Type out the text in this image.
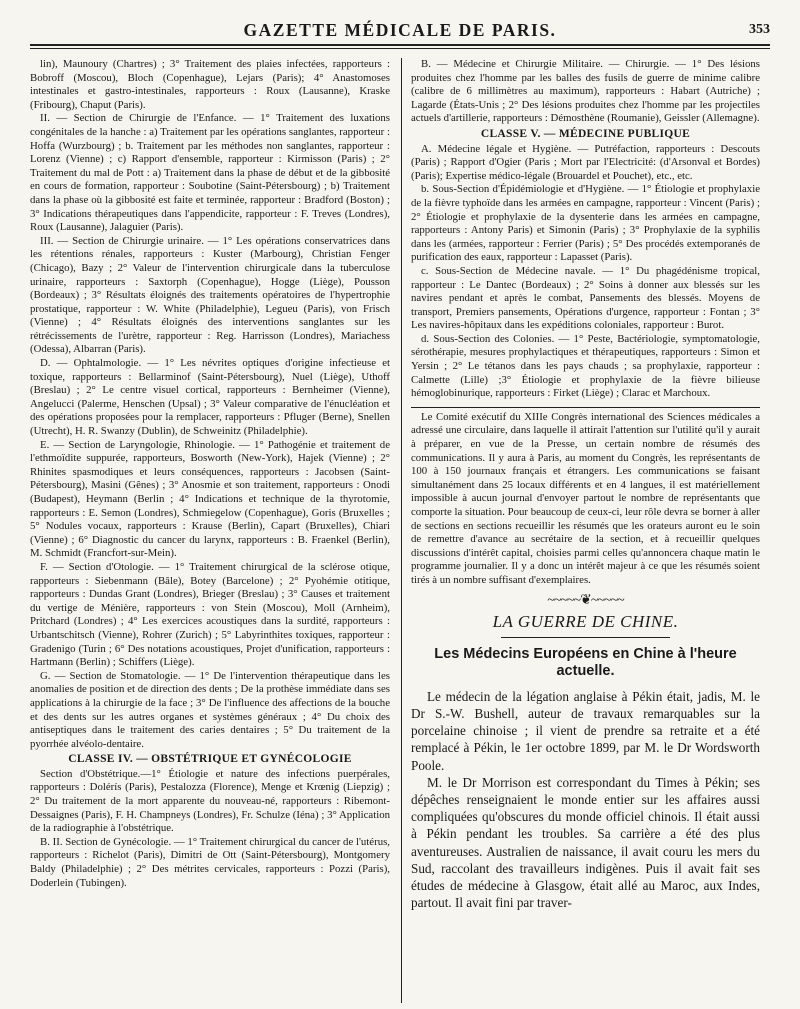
GAZETTE MÉDICALE DE PARIS.	353

lin), Maunoury (Chartres) ; 3° Traitement des plaies infectées, rapporteurs : Bobroff (Moscou), Bloch (Copenhague), Lejars (Paris); 4° Anastomoses intestinales et gastro-intestinales, rapporteurs : Roux (Lausanne), Kraske (Fribourg), Chaput (Paris).

II. — Section de Chirurgie de l'Enfance. — 1° Traitement des luxations congénitales de la hanche : a) Traitement par les opérations sanglantes, rapporteur : Hoffa (Wurzbourg) ; b. Traitement par les méthodes non sanglantes, rapporteur : Lorenz (Vienne) ; c) Rapport d'ensemble, rapporteur : Kirmisson (Paris) ; 2° Traitement du mal de Pott : a) Traitement dans la phase de début et de la gibbosité en cours de formation, rapporteur : Soubotine (Saint-Pétersbourg) ; b) Traitement dans la phase où la gibbosité est faite et terminée, rapporteur : Bradford (Boston) ; 3° Indications thérapeutiques dans l'appendicite, rapporteur : F. Treves (Londres), Roux (Lausanne), Jalaguier (Paris).

III. — Section de Chirurgie urinaire. — 1° Les opérations conservatrices dans les rétentions rénales, rapporteurs : Kuster (Marbourg), Christian Fenger (Chicago), Bazy ; 2° Valeur de l'intervention chirurgicale dans la tuberculose urinaire, rapporteurs : Saxtorph (Copenhague), Hogge (Liège), Pousson (Bordeaux) ; 3° Résultats éloignés des traitements opératoires de l'hypertrophie prostatique, rapporteur : W. White (Philadelphie), Legueu (Paris), von Frisch (Vienne) ; 4° Résultats éloignés des interventions sanglantes sur les rétrécissements de l'urètre, rapporteur : Reg. Harrisson (Londres), Mariachess (Odessa), Albarran (Paris).

D. — Ophtalmologie. — 1° Les névrites optiques d'origine infectieuse et toxique, rapporteurs : Bellarminof (Saint-Pétersbourg), Nuel (Liège), Uthoff (Breslau) ; 2° Le centre visuel cortical, rapporteurs : Bernheimer (Vienne), Angelucci (Palerme, Henschen (Upsal) ; 3° Valeur comparative de l'énucléation et des opérations proposées pour la remplacer, rapporteurs : Pfluger (Berne), Snellen (Utrecht), H. R. Swanzy (Dublin), de Schweinitz (Philadelphie).

E. — Section de Laryngologie, Rhinologie. — 1° Pathogénie et traitement de l'ethmoïdite suppurée, rapporteurs, Bosworth (New-York), Hajek (Vienne) ; 2° Rhinites spasmodiques et leurs conséquences, rapporteurs : Jacobsen (Saint-Pétersbourg), Masini (Gênes) ; 3° Anosmie et son traitement, rapporteurs : Onodi (Budapest), Heymann (Berlin ; 4° Indications et technique de la thyrotomie, rapporteurs : E. Semon (Londres), Schmiegelow (Copenhague), Goris (Bruxelles ; 5° Nodules vocaux, rapporteurs : Krause (Berlin), Capart (Bruxelles), Chiari (Vienne) ; 6° Diagnostic du cancer du larynx, rapporteurs : B. Fraenkel (Berlin), M. Schmidt (Francfort-sur-Mein).

F. — Section d'Otologie. — 1° Traitement chirurgical de la sclérose otique, rapporteurs : Siebenmann (Bâle), Botey (Barcelone) ; 2° Pyohémie otitique, rapporteurs : Dundas Grant (Londres), Brieger (Breslau) ; 3° Causes et traitement du vertige de Ménière, rapporteurs : von Stein (Moscou), Moll (Arnheim), Pritchard (Londres) ; 4° Les exercices acoustiques dans la surdité, rapporteurs : Urbantschitsch (Vienne), Rohrer (Zurich) ; 5° Labyrinthites toxiques, rapporteur : Gradenigo (Turin ; 6° Des notations acoustiques, Projet d'unification, rapporteurs : Hartmann (Berlin) ; Schiffers (Liège).

G. — Section de Stomatologie. — 1° De l'intervention thérapeutique dans les anomalies de position et de direction des dents ; De la prothèse immédiate dans ses applications à la chirurgie de la face ; 3° De l'influence des affections de la bouche et des dents sur les autres organes et systèmes généraux ; 4° Du choix des antiseptiques dans le traitement des caries dentaires ; 5° Du traitement de la pyorrhée alvéolo-dentaire.

CLASSE IV. — OBSTÉTRIQUE ET GYNÉCOLOGIE

Section d'Obstétrique.—1° Étiologie et nature des infections puerpérales, rapporteurs : Dolérís (Paris), Pestalozza (Florence), Menge et Krœnig (Liepzig) ; 2° Du traitement de la mort apparente du nouveau-né, rapporteurs : Ribemont-Dessaignes (Paris), F. H. Champneys (Londres), Fr. Schulze (Iéna) ; 3° Application de la radiographie à l'obstétrique.

B. II. Section de Gynécologie. — 1° Traitement chirurgical du cancer de l'utérus, rapporteurs : Richelot (Paris), Dimitri de Ott (Saint-Pétersbourg), Montgomery Baldy (Philadelphie) ; 2° Des métrites cervicales, rapporteurs : Pozzi (Paris), Doderlein (Tubingen).

B. — Médecine et Chirurgie Militaire. — Chirurgie. — 1° Des lésions produites chez l'homme par les balles des fusils de guerre de minime calibre (calibre de 6 millimètres au maximum), rapporteurs : Habart (Autriche) ; Lagarde (États-Unis ; 2° Des lésions produites chez l'homme par les projectiles actuels d'artillerie, rapporteurs : Démosthène (Roumanie), Geissler (Allemagne).

CLASSE V. — MÉDECINE PUBLIQUE

A. Médecine légale et Hygiène. — Putréfaction, rapporteurs : Descouts (Paris) ; Rapport d'Ogier (Paris ; Mort par l'Electricité: (d'Arsonval et Bordes) (Paris); Expertise médico-légale (Brouardel et Pouchet), etc., etc.

b. Sous-Section d'Épidémiologie et d'Hygiène. — 1° Étiologie et prophylaxie de la fièvre typhoïde dans les armées en campagne, rapporteur : Vincent (Paris) ; 2° Étiologie et prophylaxie de la dysenterie dans les armées en campagne, rapporteurs : Antony Paris) et Simonin (Paris) ; 3° Prophylaxie de la syphilis dans les (armées, rapporteur : Ferrier (Paris) ; 5° Des procédés extemporanés de purification des eaux, rapporteur : Lapasset (Paris).

c. Sous-Section de Médecine navale. — 1° Du phagédénisme tropical, rapporteur : Le Dantec (Bordeaux) ; 2° Soins à donner aux blessés sur les navires pendant et après le combat, Pansements des blessés. Moyens de transport, Premiers pansements, Opérations d'urgence, rapporteur : Fontan ; 3° Les navires-hôpitaux dans les expéditions coloniales, rapporteur : Burot.

d. Sous-Section des Colonies. — 1° Peste, Bactériologie, symptomatologie, sérothérapie, mesures prophylactiques et thérapeutiques, rapporteurs : Simon et Yersin ; 2° Le tétanos dans les pays chauds ; sa prophylaxie, rapporteur : Calmette (Lille) ;3° Étiologie et prophylaxie de la fièvre bilieuse hémoglobinurique, rapporteurs : Firket (Liège) ; Clarac et Marchoux.

Le Comité exécutif du XIIIe Congrès international des Sciences médicales a adressé une circulaire, dans laquelle il attirait l'attention sur l'utilité qu'il y aurait à préparer, en vue de la Presse, un certain nombre de résumés des communications. Il y aura à Paris, au moment du Congrès, les représentants de 100 à 150 journaux français et étrangers. Les communications se faisant simultanément dans 25 locaux différents et en 4 langues, il est matériellement impossible à aucun journal d'envoyer partout le nombre de représentants que comporte la situation. Pour beaucoup de ceux-ci, leur rôle devra se borner à aller de sections en sections recueillir les résumés que les orateurs auront eu le soin de remettre d'avance au secrétaire de la section, et à recueillir quelques discussions d'intérêt capital, choisies parmi celles qu'annoncera chaque matin le programme journalier. Il y a donc un intérêt majeur à ce que les résumés soient tirés à un nombre suffisant d'exemplaires.

~~~~~❦~~~~~
LA GUERRE DE CHINE.
Les Médecins Européens en Chine à l'heure actuelle.

Le médecin de la légation anglaise à Pékin était, jadis, M. le Dr S.-W. Bushell, auteur de travaux remarquables sur la porcelaine chinoise ; il vient de prendre sa retraite et a été remplacé à Pékin, le 1er octobre 1899, par M. le Dr Wordsworth Poole.

M. le Dr Morrison est correspondant du Times à Pékin; ses dépêches renseignaient le monde entier sur les affaires aussi compliquées qu'obscures du monde officiel chinois. Il était aussi à Pékin pendant les troubles. Sa carrière a été des plus aventureuses. Australien de naissance, il avait couru les mers du Sud, raccolant des travailleurs indigènes. Puis il avait fait ses études de médecine à Glasgow, était allé au Maroc, aux Indes, partout. Il avait fini par traver-
